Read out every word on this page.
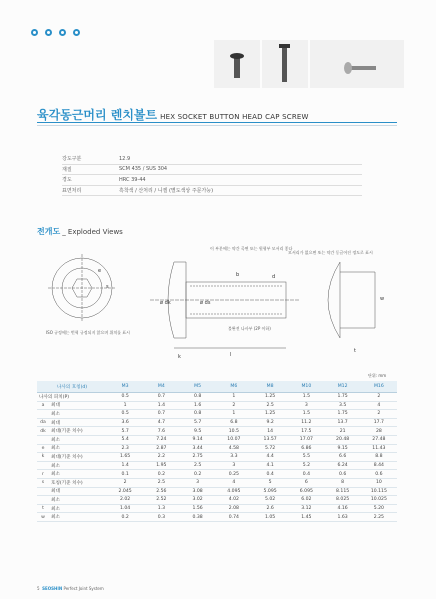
육각동근머리 렌치볼트 HEX SOCKET BUTTON HEAD CAP SCREW
강도구분	12.9
재질	SCM 435 / SUS 304
경도	HRC 39-44
표면처리	흑착색 / 산처리 / 니켈 (별도색상 주문가능)
전개도 _ Exploded Views
이 부분에는 약간 곡면 또는 원형부 모서리 좋다
모서리가 없으면 또는 약간 둥글어진 정도로 표시
ISO 규정에는 번혁 규정되지 않으며 위치를 표시
불완전 나사부 (2P 이하)
ø dk	ø ds
d
k	l
s
t
w
e
b
단위: mm
나사의 호칭(d)		M3	M4	M5	M6	M8	M10	M12	M16
나사의 피치(P)		0.5	0.7	0.8	1	1.25	1.5	1.75	2
a	최대	1	1.4	1.6	2	2.5	3	3.5	4
	최소	0.5	0.7	0.8	1	1.25	1.5	1.75	2
da	최대	3.6	4.7	5.7	6.8	9.2	11.2	13.7	17.7
dk	최대(기준 치수)	5.7	7.6	9.5	10.5	14	17.5	21	28
	최소	5.4	7.24	9.14	10.07	13.57	17.07	20.48	27.48
e	최소	2.3	2.87	3.44	4.58	5.72	6.86	9.15	11.43
k	최대(기준 치수)	1.65	2.2	2.75	3.3	4.4	5.5	6.6	8.8
	최소	1.4	1.95	2.5	3	4.1	5.2	6.24	8.44
r	최소	0.1	0.2	0.2	0.25	0.4	0.4	0.6	0.6
s	호칭(기준 치수)	2	2.5	3	4	5	6	8	10
	최대	2.045	2.56	3.08	4.095	5.095	6.095	8.115	10.115
	최소	2.02	2.52	3.02	4.02	5.02	6.02	8.025	10.025
t	최소	1.04	1.3	1.56	2.08	2.6	3.12	4.16	5.20
w	최소	0.2	0.3	0.38	0.74	1.05	1.45	1.63	2.25
5 SEOSHIN Perfect Joint System
